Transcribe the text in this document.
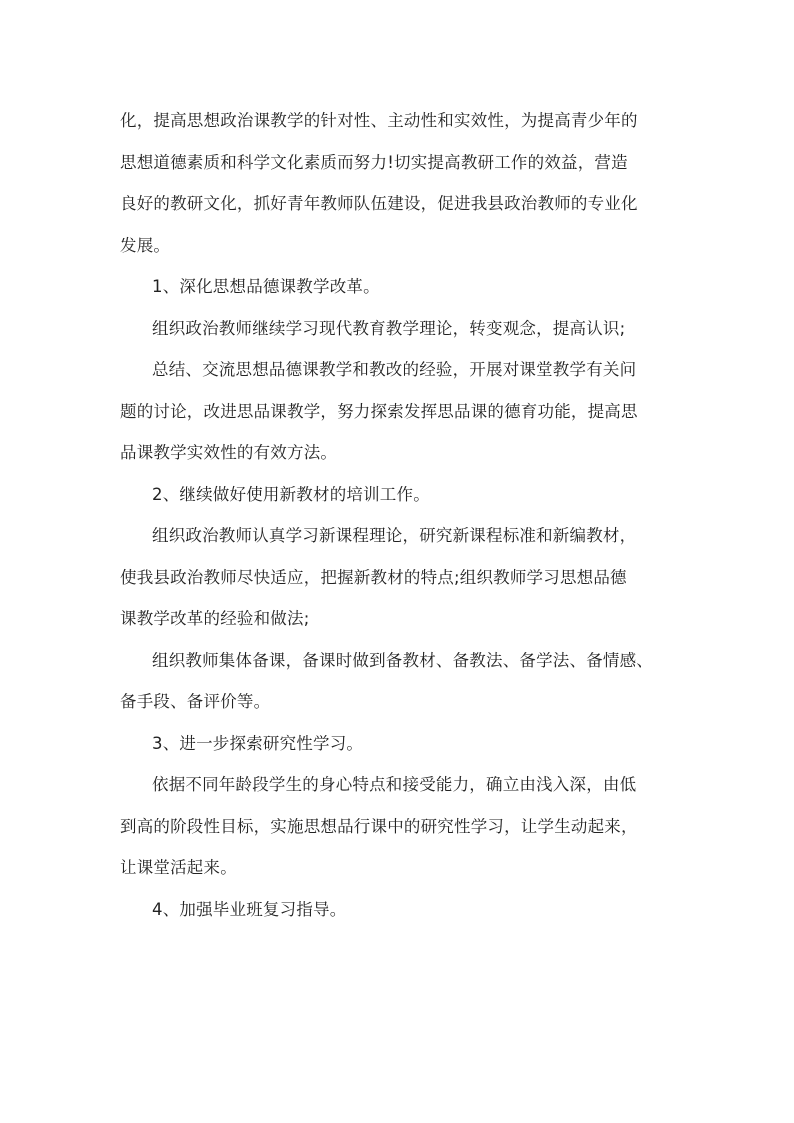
化，提高思想政治课教学的针对性、主动性和实效性，为提高青少年的
思想道德素质和科学文化素质而努力!切实提高教研工作的效益，营造
良好的教研文化，抓好青年教师队伍建设，促进我县政治教师的专业化
发展。
1、深化思想品德课教学改革。
组织政治教师继续学习现代教育教学理论，转变观念，提高认识;
总结、交流思想品德课教学和教改的经验，开展对课堂教学有关问
题的讨论，改进思品课教学，努力探索发挥思品课的德育功能，提高思
品课教学实效性的有效方法。
2、继续做好使用新教材的培训工作。
组织政治教师认真学习新课程理论，研究新课程标准和新编教材，
使我县政治教师尽快适应，把握新教材的特点;组织教师学习思想品德
课教学改革的经验和做法;
组织教师集体备课，备课时做到备教材、备教法、备学法、备情感、
备手段、备评价等。
3、进一步探索研究性学习。
依据不同年龄段学生的身心特点和接受能力，确立由浅入深，由低
到高的阶段性目标，实施思想品行课中的研究性学习，让学生动起来，
让课堂活起来。
4、加强毕业班复习指导。
